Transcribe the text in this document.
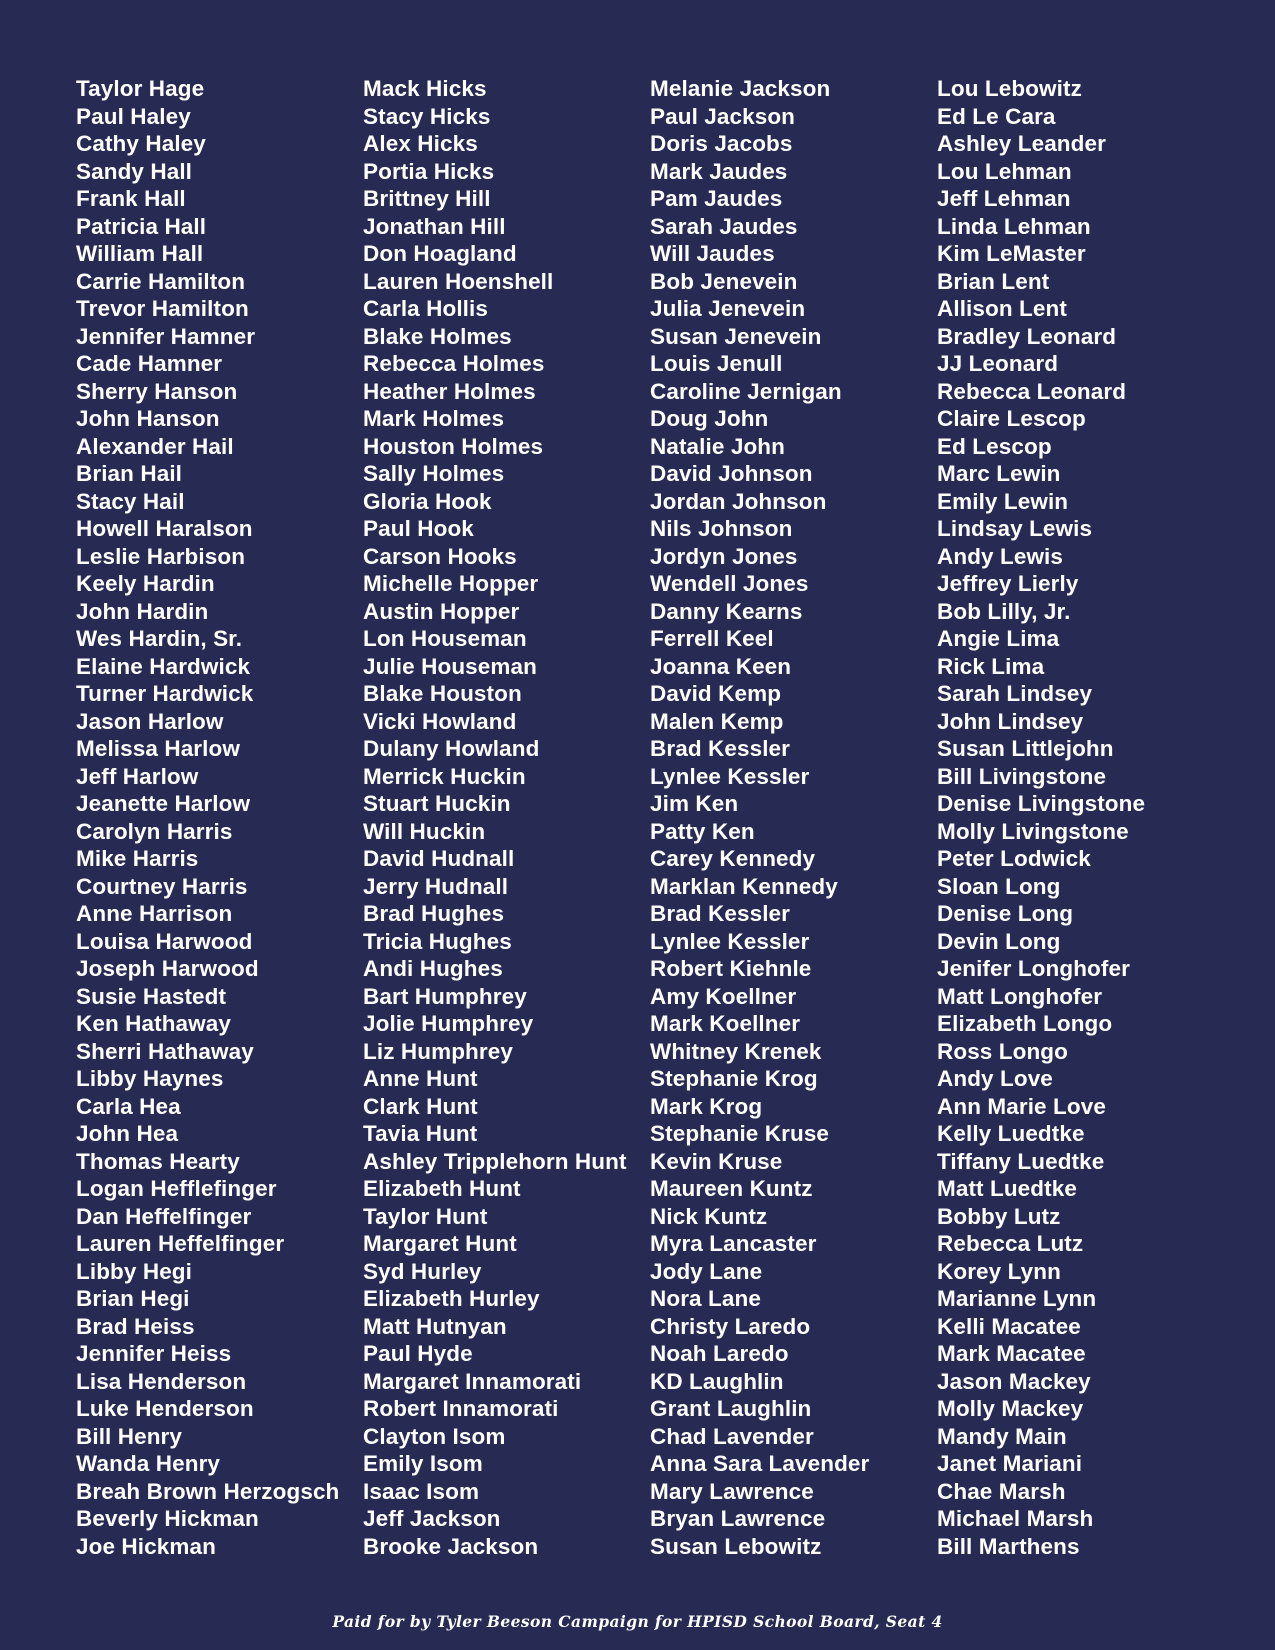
Taylor Hage
Paul Haley
Cathy Haley
Sandy Hall
Frank Hall
Patricia Hall
William Hall
Carrie Hamilton
Trevor Hamilton
Jennifer Hamner
Cade Hamner
Sherry Hanson
John Hanson
Alexander Hail
Brian Hail
Stacy Hail
Howell Haralson
Leslie Harbison
Keely Hardin
John Hardin
Wes Hardin, Sr.
Elaine Hardwick
Turner Hardwick
Jason Harlow
Melissa Harlow
Jeff Harlow
Jeanette Harlow
Carolyn Harris
Mike Harris
Courtney Harris
Anne Harrison
Louisa Harwood
Joseph Harwood
Susie Hastedt
Ken Hathaway
Sherri Hathaway
Libby Haynes
Carla Hea
John Hea
Thomas Hearty
Logan Hefflefinger
Dan Heffelfinger
Lauren Heffelfinger
Libby Hegi
Brian Hegi
Brad Heiss
Jennifer Heiss
Lisa Henderson
Luke Henderson
Bill Henry
Wanda Henry
Breah Brown Herzogsch
Beverly Hickman
Joe Hickman
Mack Hicks
Stacy Hicks
Alex Hicks
Portia Hicks
Brittney Hill
Jonathan Hill
Don Hoagland
Lauren Hoenshell
Carla Hollis
Blake Holmes
Rebecca Holmes
Heather Holmes
Mark Holmes
Houston Holmes
Sally Holmes
Gloria Hook
Paul Hook
Carson Hooks
Michelle Hopper
Austin Hopper
Lon Houseman
Julie Houseman
Blake Houston
Vicki Howland
Dulany Howland
Merrick Huckin
Stuart Huckin
Will Huckin
David Hudnall
Jerry Hudnall
Brad Hughes
Tricia Hughes
Andi Hughes
Bart Humphrey
Jolie Humphrey
Liz Humphrey
Anne Hunt
Clark Hunt
Tavia Hunt
Ashley Tripplehorn Hunt
Elizabeth Hunt
Taylor Hunt
Margaret Hunt
Syd Hurley
Elizabeth Hurley
Matt Hutnyan
Paul Hyde
Margaret Innamorati
Robert Innamorati
Clayton Isom
Emily Isom
Isaac Isom
Jeff Jackson
Brooke Jackson
Melanie Jackson
Paul Jackson
Doris Jacobs
Mark Jaudes
Pam Jaudes
Sarah Jaudes
Will Jaudes
Bob Jenevein
Julia Jenevein
Susan Jenevein
Louis Jenull
Caroline Jernigan
Doug John
Natalie John
David Johnson
Jordan Johnson
Nils Johnson
Jordyn Jones
Wendell Jones
Danny Kearns
Ferrell Keel
Joanna Keen
David Kemp
Malen Kemp
Brad Kessler
Lynlee Kessler
Jim Ken
Patty Ken
Carey Kennedy
Marklan Kennedy
Brad Kessler
Lynlee Kessler
Robert Kiehnle
Amy Koellner
Mark Koellner
Whitney Krenek
Stephanie Krog
Mark Krog
Stephanie Kruse
Kevin Kruse
Maureen Kuntz
Nick Kuntz
Myra Lancaster
Jody Lane
Nora Lane
Christy Laredo
Noah Laredo
KD Laughlin
Grant Laughlin
Chad Lavender
Anna Sara Lavender
Mary Lawrence
Bryan Lawrence
Susan Lebowitz
Lou Lebowitz
Ed Le Cara
Ashley Leander
Lou Lehman
Jeff Lehman
Linda Lehman
Kim LeMaster
Brian Lent
Allison Lent
Bradley Leonard
JJ Leonard
Rebecca Leonard
Claire Lescop
Ed Lescop
Marc Lewin
Emily Lewin
Lindsay Lewis
Andy Lewis
Jeffrey Lierly
Bob Lilly, Jr.
Angie Lima
Rick Lima
Sarah Lindsey
John Lindsey
Susan Littlejohn
Bill Livingstone
Denise Livingstone
Molly Livingstone
Peter Lodwick
Sloan Long
Denise Long
Devin Long
Jenifer Longhofer
Matt Longhofer
Elizabeth Longo
Ross Longo
Andy Love
Ann Marie Love
Kelly Luedtke
Tiffany Luedtke
Matt Luedtke
Bobby Lutz
Rebecca Lutz
Korey Lynn
Marianne Lynn
Kelli Macatee
Mark Macatee
Jason Mackey
Molly Mackey
Mandy Main
Janet Mariani
Chae Marsh
Michael Marsh
Bill Marthens
Paid for by Tyler Beeson Campaign for HPISD School Board, Seat 4
